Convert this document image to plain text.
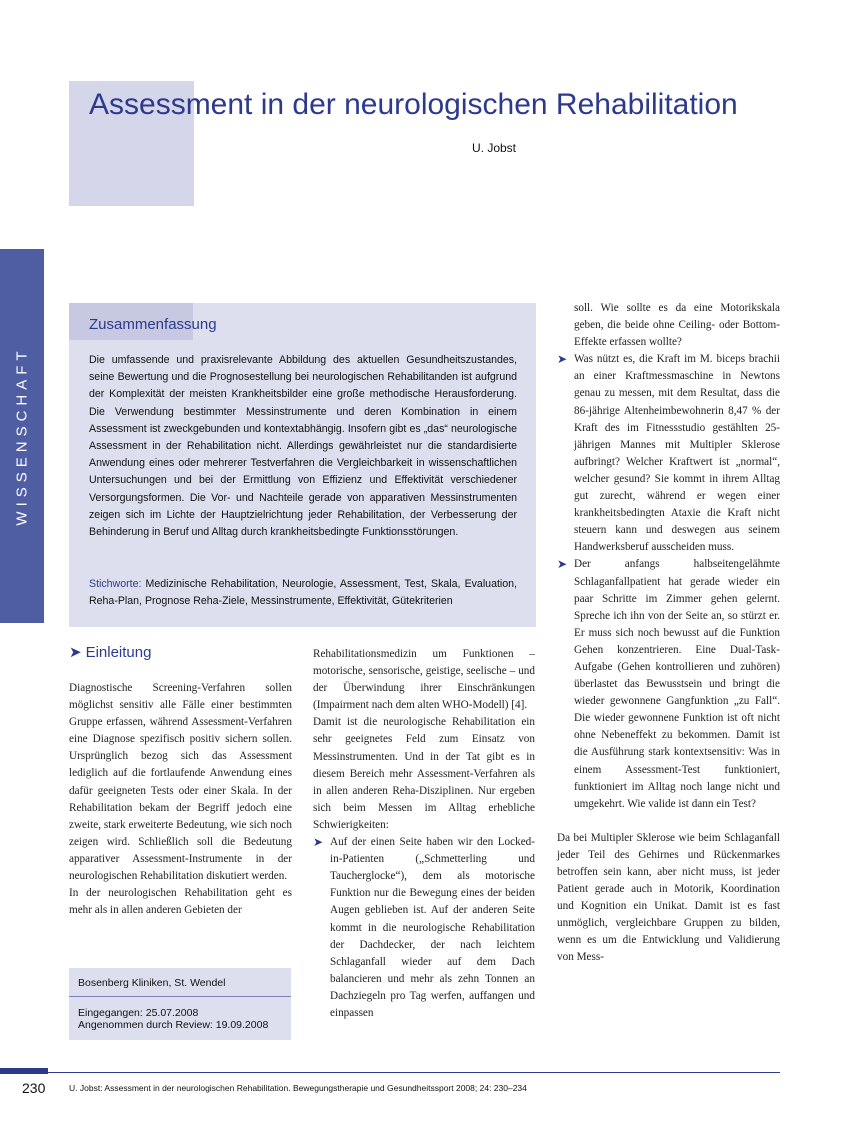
Assessment in der neurologischen Rehabilitation
U. Jobst
WISSENSCHAFT
Zusammenfassung
Die umfassende und praxisrelevante Abbildung des aktuellen Gesundheitszustandes, seine Bewertung und die Prognosestellung bei neurologischen Rehabilitanden ist aufgrund der Komplexität der meisten Krankheitsbilder eine große methodische Herausforderung. Die Verwendung bestimmter Messinstrumente und deren Kombination in einem Assessment ist zweckgebunden und kontextabhängig. Insofern gibt es „das“ neurologische Assessment in der Rehabilitation nicht. Allerdings gewährleistet nur die standardisierte Anwendung eines oder mehrerer Testverfahren die Vergleichbarkeit in wissenschaftlichen Untersuchungen und bei der Ermittlung von Effizienz und Effektivität verschiedener Versorgungsformen. Die Vor- und Nachteile gerade von apparativen Messinstrumenten zeigen sich im Lichte der Hauptzielrichtung jeder Rehabilitation, der Verbesserung der Behinderung in Beruf und Alltag durch krankheitsbedingte Funktionsstörungen.
Stichworte: Medizinische Rehabilitation, Neurologie, Assessment, Test, Skala, Evaluation, Reha-Plan, Prognose Reha-Ziele, Messinstrumente, Effektivität, Gütekriterien
➤ Einleitung

Diagnostische Screening-Verfahren sollen möglichst sensitiv alle Fälle einer bestimmten Gruppe erfassen, während Assessment-Verfahren eine Diagnose spezifisch positiv sichern sollen. Ursprünglich bezog sich das Assessment lediglich auf die fortlaufende Anwendung eines dafür geeigneten Tests oder einer Skala. In der Rehabilitation bekam der Begriff jedoch eine zweite, stark erweiterte Bedeutung, wie sich noch zeigen wird. Schließlich soll die Bedeutung apparativer Assessment-Instrumente in der neurologischen Rehabilitation diskutiert werden.

In der neurologischen Rehabilitation geht es mehr als in allen anderen Gebieten der

Bosenberg Kliniken, St. Wendel
Eingegangen: 25.07.2008
Angenommen durch Review: 19.09.2008

Rehabilitationsmedizin um Funktionen – motorische, sensorische, geistige, seelische – und der Überwindung ihrer Einschränkungen (Impairment nach dem alten WHO-Modell) [4].

Damit ist die neurologische Rehabilitation ein sehr geeignetes Feld zum Einsatz von Messinstrumenten. Und in der Tat gibt es in diesem Bereich mehr Assessment-Verfahren als in allen anderen Reha-Disziplinen. Nur ergeben sich beim Messen im Alltag erhebliche Schwierigkeiten:

➤ Auf der einen Seite haben wir den Locked-in-Patienten („Schmetterling und Taucherglocke“), dem als motorische Funktion nur die Bewegung eines der beiden Augen geblieben ist. Auf der anderen Seite kommt in die neurologische Rehabilitation der Dachdecker, der nach leichtem Schlaganfall wieder auf dem Dach balancieren und mehr als zehn Tonnen an Dachziegeln pro Tag werfen, auffangen und einpassen

soll. Wie sollte es da eine Motorikskala geben, die beide ohne Ceiling- oder Bottom-Effekte erfassen wollte?

➤ Was nützt es, die Kraft im M. biceps brachii an einer Kraftmessmaschine in Newtons genau zu messen, mit dem Resultat, dass die 86-jährige Altenheimbewohnerin 8,47 % der Kraft des im Fitnessstudio gestählten 25-jährigen Mannes mit Multipler Sklerose aufbringt? Welcher Kraftwert ist „normal“, welcher gesund? Sie kommt in ihrem Alltag gut zurecht, während er wegen einer krankheitsbedingten Ataxie die Kraft nicht steuern kann und deswegen aus seinem Handwerksberuf ausscheiden muss.

➤ Der anfangs halbseitengelähmte Schlaganfallpatient hat gerade wieder ein paar Schritte im Zimmer gehen gelernt. Spreche ich ihn von der Seite an, so stürzt er. Er muss sich noch bewusst auf die Funktion Gehen konzentrieren. Eine Dual-Task-Aufgabe (Gehen kontrollieren und zuhören) überlastet das Bewusstsein und bringt die wieder gewonnene Gangfunktion „zu Fall“. Die wieder gewonnene Funktion ist oft nicht ohne Nebeneffekt zu bekommen. Damit ist die Ausführung stark kontextsensitiv: Was in einem Assessment-Test funktioniert, funktioniert im Alltag noch lange nicht und umgekehrt. Wie valide ist dann ein Test?

Da bei Multipler Sklerose wie beim Schlaganfall jeder Teil des Gehirnes und Rückenmarkes betroffen sein kann, aber nicht muss, ist jeder Patient gerade auch in Motorik, Koordination und Kognition ein Unikat. Damit ist es fast unmöglich, vergleichbare Gruppen zu bilden, wenn es um die Entwicklung und Validierung von Mess-

230	U. Jobst: Assessment in der neurologischen Rehabilitation. Bewegungstherapie und Gesundheitssport 2008; 24: 230–234
